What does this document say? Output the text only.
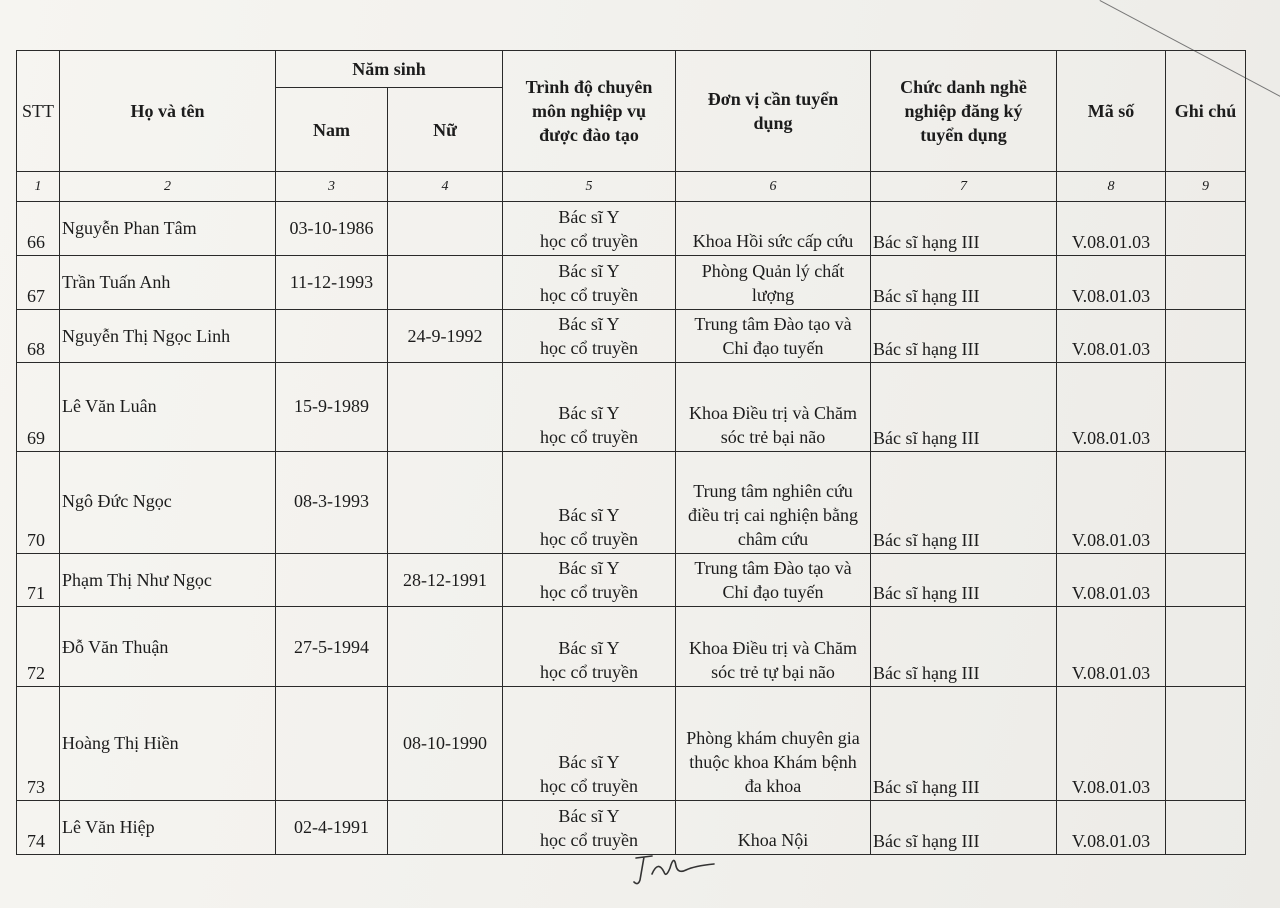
STT	Họ và tên	Năm sinh		Trình độ chuyên
môn nghiệp vụ
được đào tạo	Đơn vị cần tuyển
dụng	Chức danh nghề
nghiệp đăng ký
tuyển dụng	Mã số	Ghi chú
		Nam	Nữ					
1	2	3	4	5	6	7	8	9
66	Nguyễn Phan Tâm	03-10-1986		Bác sĩ Y
học cổ truyền	Khoa Hồi sức cấp cứu	Bác sĩ hạng III	V.08.01.03	
67	Trần Tuấn Anh	11-12-1993		Bác sĩ Y
học cổ truyền	Phòng Quản lý chất
lượng	Bác sĩ hạng III	V.08.01.03	
68	Nguyễn Thị Ngọc Linh		24-9-1992	Bác sĩ Y
học cổ truyền	Trung tâm Đào tạo và
Chỉ đạo tuyến	Bác sĩ hạng III	V.08.01.03	
69	Lê Văn Luân	15-9-1989		Bác sĩ Y
học cổ truyền	Khoa Điều trị và Chăm
sóc trẻ bại não	Bác sĩ hạng III	V.08.01.03	
70	Ngô Đức Ngọc	08-3-1993		Bác sĩ Y
học cổ truyền	Trung tâm nghiên cứu
điều trị cai nghiện bằng
châm cứu	Bác sĩ hạng III	V.08.01.03	
71	Phạm Thị Như Ngọc		28-12-1991	Bác sĩ Y
học cổ truyền	Trung tâm Đào tạo và
Chỉ đạo tuyến	Bác sĩ hạng III	V.08.01.03	
72	Đỗ Văn Thuận	27-5-1994		Bác sĩ Y
học cổ truyền	Khoa Điều trị và Chăm
sóc trẻ tự bại não	Bác sĩ hạng III	V.08.01.03	
73	Hoàng Thị Hiền		08-10-1990	Bác sĩ Y
học cổ truyền	Phòng khám chuyên gia
thuộc khoa Khám bệnh
đa khoa	Bác sĩ hạng III	V.08.01.03	
74	Lê Văn Hiệp	02-4-1991		Bác sĩ Y
học cổ truyền	Khoa Nội	Bác sĩ hạng III	V.08.01.03	
